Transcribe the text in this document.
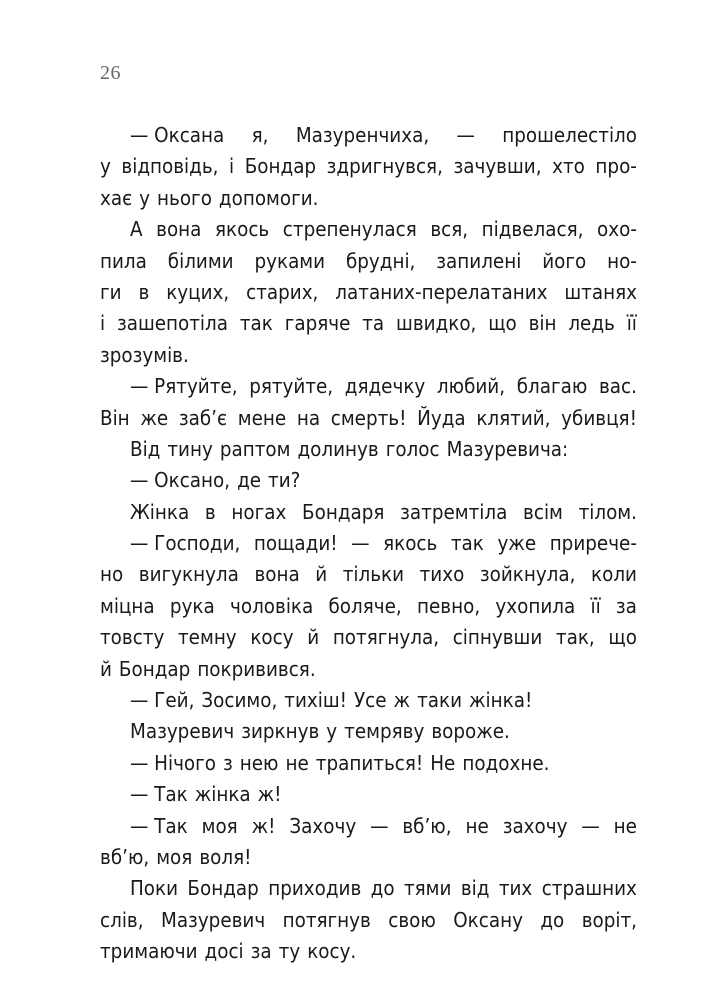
26
— Оксана я, Мазуренчиха, — прошелестіло
у відповідь, і Бондар здригнувся, зачувши, хто про-
хає у нього допомоги.
А вона якось стрепенулася вся, підвелася, охо-
пила білими руками брудні, запилені його но-
ги в куцих, старих, латаних-перелатаних штанях
і зашепотіла так гаряче та швидко, що він ледь її
зрозумів.
— Рятуйте, рятуйте, дядечку любий, благаю вас.
Він же заб’є мене на смерть! Йуда клятий, убивця!
Від тину раптом долинув голос Мазуревича:
— Оксано, де ти?
Жінка в ногах Бондаря затремтіла всім тілом.
— Господи, пощади! — якось так уже прирече-
но вигукнула вона й тільки тихо зойкнула, коли
міцна рука чоловіка боляче, певно, ухопила її за
товсту темну косу й потягнула, сіпнувши так, що
й Бондар покривився.
— Гей, Зосимо, тихіш! Усе ж таки жінка!
Мазуревич зиркнув у темряву вороже.
— Нічого з нею не трапиться! Не подохне.
— Так жінка ж!
— Так моя ж! Захочу — вб’ю, не захочу — не
вб’ю, моя воля!
Поки Бондар приходив до тями від тих страшних
слів, Мазуревич потягнув свою Оксану до воріт,
тримаючи досі за ту косу.
